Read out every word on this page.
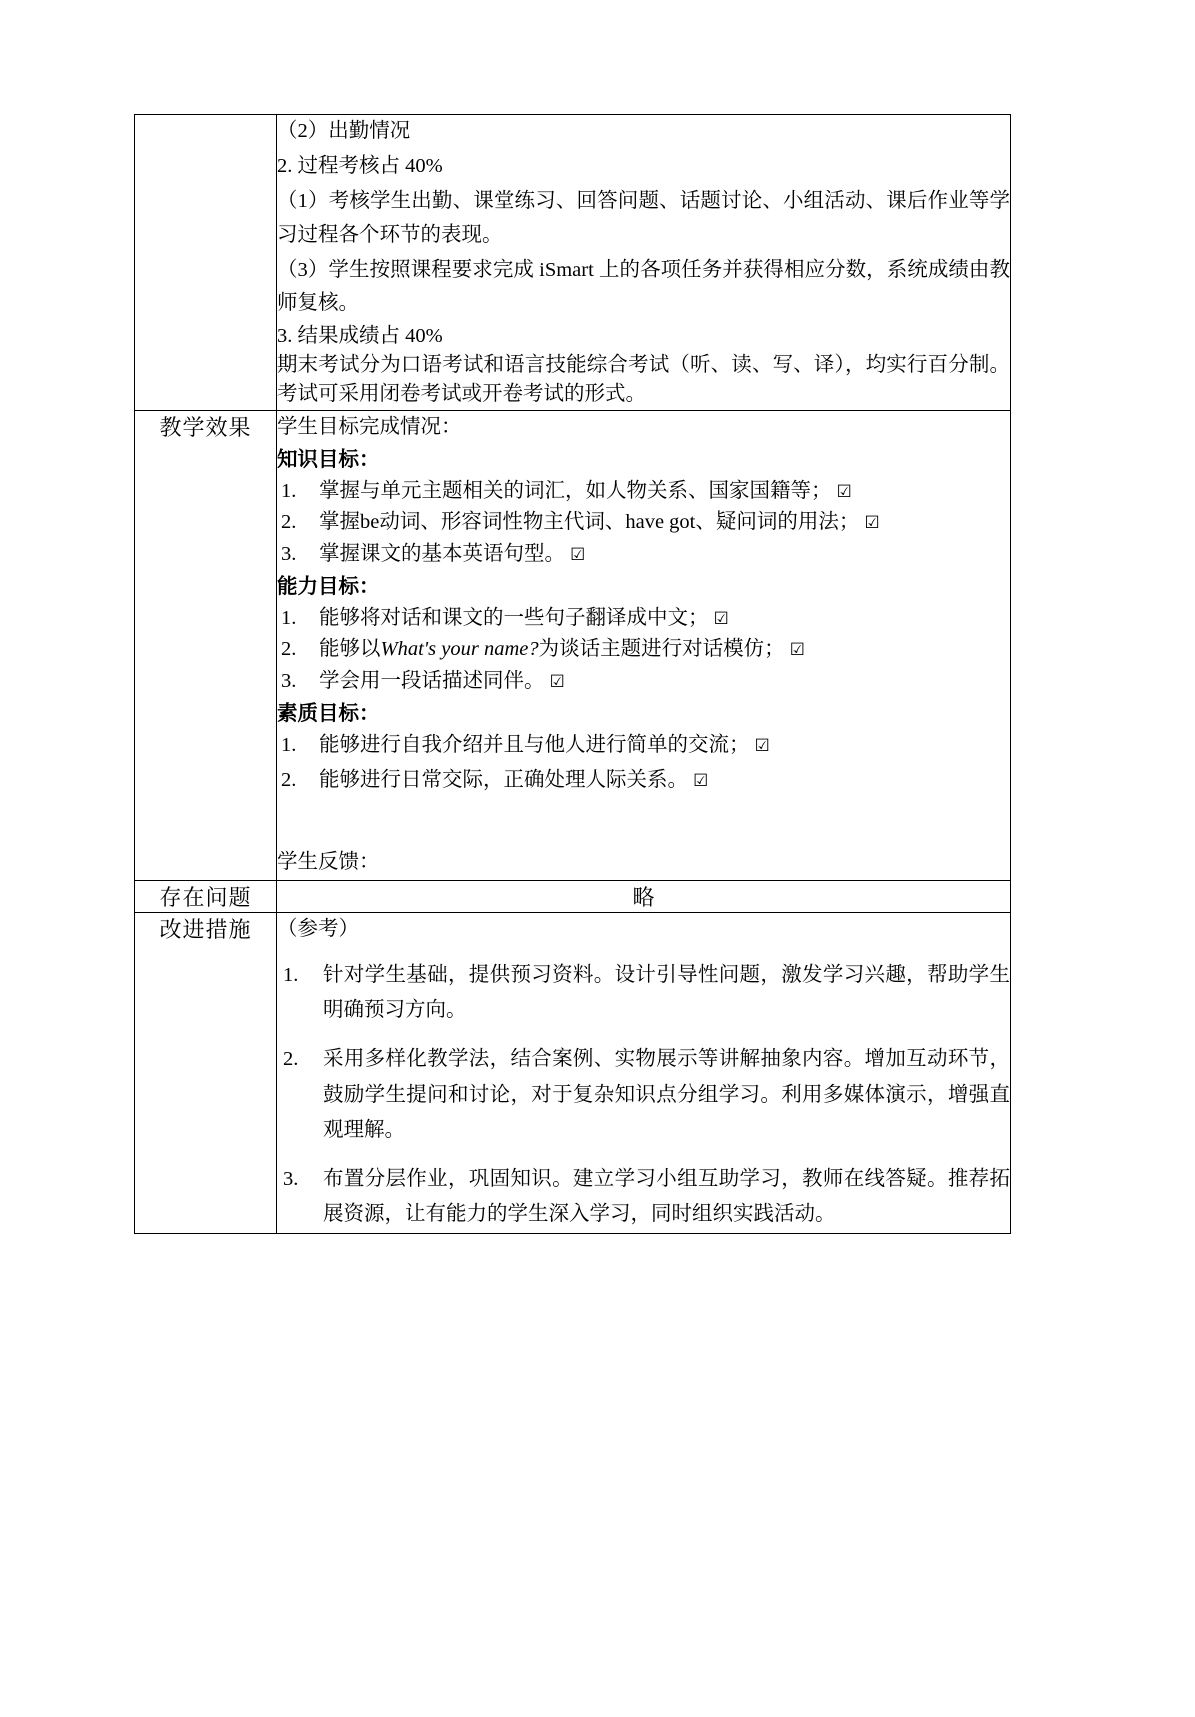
（2）出勤情况

2. 过程考核占 40%

（1）考核学生出勤、课堂练习、回答问题、话题讨论、小组活动、课后作业等学习过程各个环节的表现。

（3）学生按照课程要求完成 iSmart 上的各项任务并获得相应分数，系统成绩由教师复核。

3. 结果成绩占 40%

期末考试分为口语考试和语言技能综合考试（听、读、写、译），均实行百分制。考试可采用闭卷考试或开卷考试的形式。

教学效果	学生目标完成情况：

知识目标：

1. 掌握与单元主题相关的词汇，如人物关系、国家国籍等； ☑
2. 掌握be动词、形容词性物主代词、have got、疑问词的用法； ☑
3. 掌握课文的基本英语句型。 ☑

能力目标：

1. 能够将对话和课文的一些句子翻译成中文； ☑
2. 能够以What's your name?为谈话主题进行对话模仿； ☑
3. 学会用一段话描述同伴。 ☑

素质目标：

1. 能够进行自我介绍并且与他人进行简单的交流； ☑
2. 能够进行日常交际，正确处理人际关系。 ☑

学生反馈：

存在问题	略
改进措施	（参考）

1. 针对学生基础，提供预习资料。设计引导性问题，激发学习兴趣，帮助学生明确预习方向。
2. 采用多样化教学法，结合案例、实物展示等讲解抽象内容。增加互动环节，鼓励学生提问和讨论，对于复杂知识点分组学习。利用多媒体演示，增强直观理解。
3. 布置分层作业，巩固知识。建立学习小组互助学习，教师在线答疑。推荐拓展资源，让有能力的学生深入学习，同时组织实践活动。
